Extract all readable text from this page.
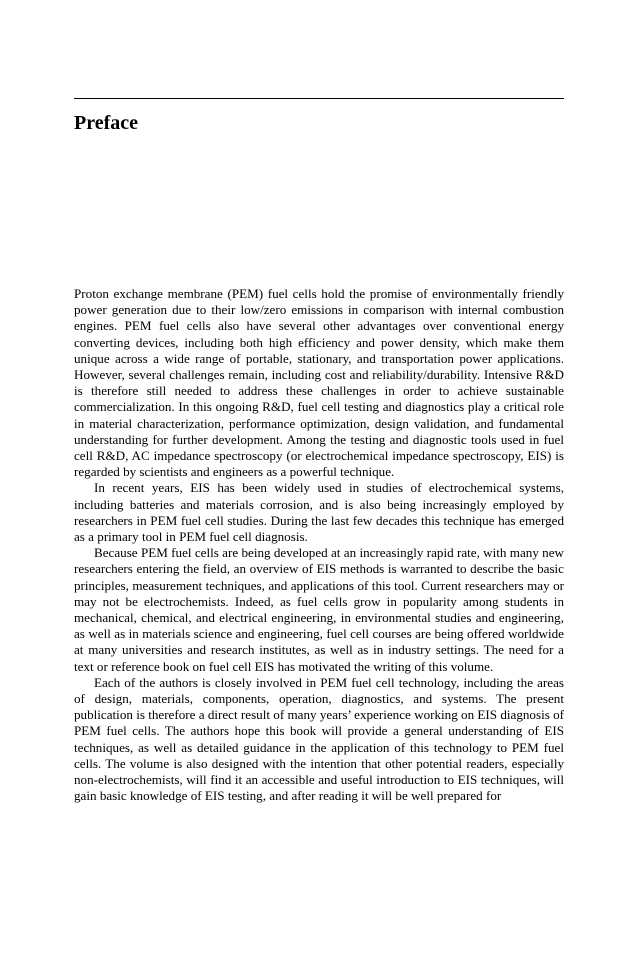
Preface

Proton exchange membrane (PEM) fuel cells hold the promise of environmentally friendly power generation due to their low/zero emissions in comparison with internal combustion engines. PEM fuel cells also have several other advantages over conventional energy converting devices, including both high efficiency and power density, which make them unique across a wide range of portable, stationary, and transportation power applications. However, several challenges remain, including cost and reliability/durability. Intensive R&D is therefore still needed to address these challenges in order to achieve sustainable commercialization. In this ongoing R&D, fuel cell testing and diagnostics play a critical role in material characterization, performance optimization, design validation, and fundamental understanding for further development. Among the testing and diagnostic tools used in fuel cell R&D, AC impedance spectroscopy (or electrochemical impedance spectroscopy, EIS) is regarded by scientists and engineers as a powerful technique.

In recent years, EIS has been widely used in studies of electrochemical systems, including batteries and materials corrosion, and is also being increasingly employed by researchers in PEM fuel cell studies. During the last few decades this technique has emerged as a primary tool in PEM fuel cell diagnosis.

Because PEM fuel cells are being developed at an increasingly rapid rate, with many new researchers entering the field, an overview of EIS methods is warranted to describe the basic principles, measurement techniques, and applications of this tool. Current researchers may or may not be electrochemists. Indeed, as fuel cells grow in popularity among students in mechanical, chemical, and electrical engineering, in environmental studies and engineering, as well as in materials science and engineering, fuel cell courses are being offered worldwide at many universities and research institutes, as well as in industry settings. The need for a text or reference book on fuel cell EIS has motivated the writing of this volume.

Each of the authors is closely involved in PEM fuel cell technology, including the areas of design, materials, components, operation, diagnostics, and systems. The present publication is therefore a direct result of many years’ experience working on EIS diagnosis of PEM fuel cells. The authors hope this book will provide a general understanding of EIS techniques, as well as detailed guidance in the application of this technology to PEM fuel cells. The volume is also designed with the intention that other potential readers, especially non-electrochemists, will find it an accessible and useful introduction to EIS techniques, will gain basic knowledge of EIS testing, and after reading it will be well prepared for
